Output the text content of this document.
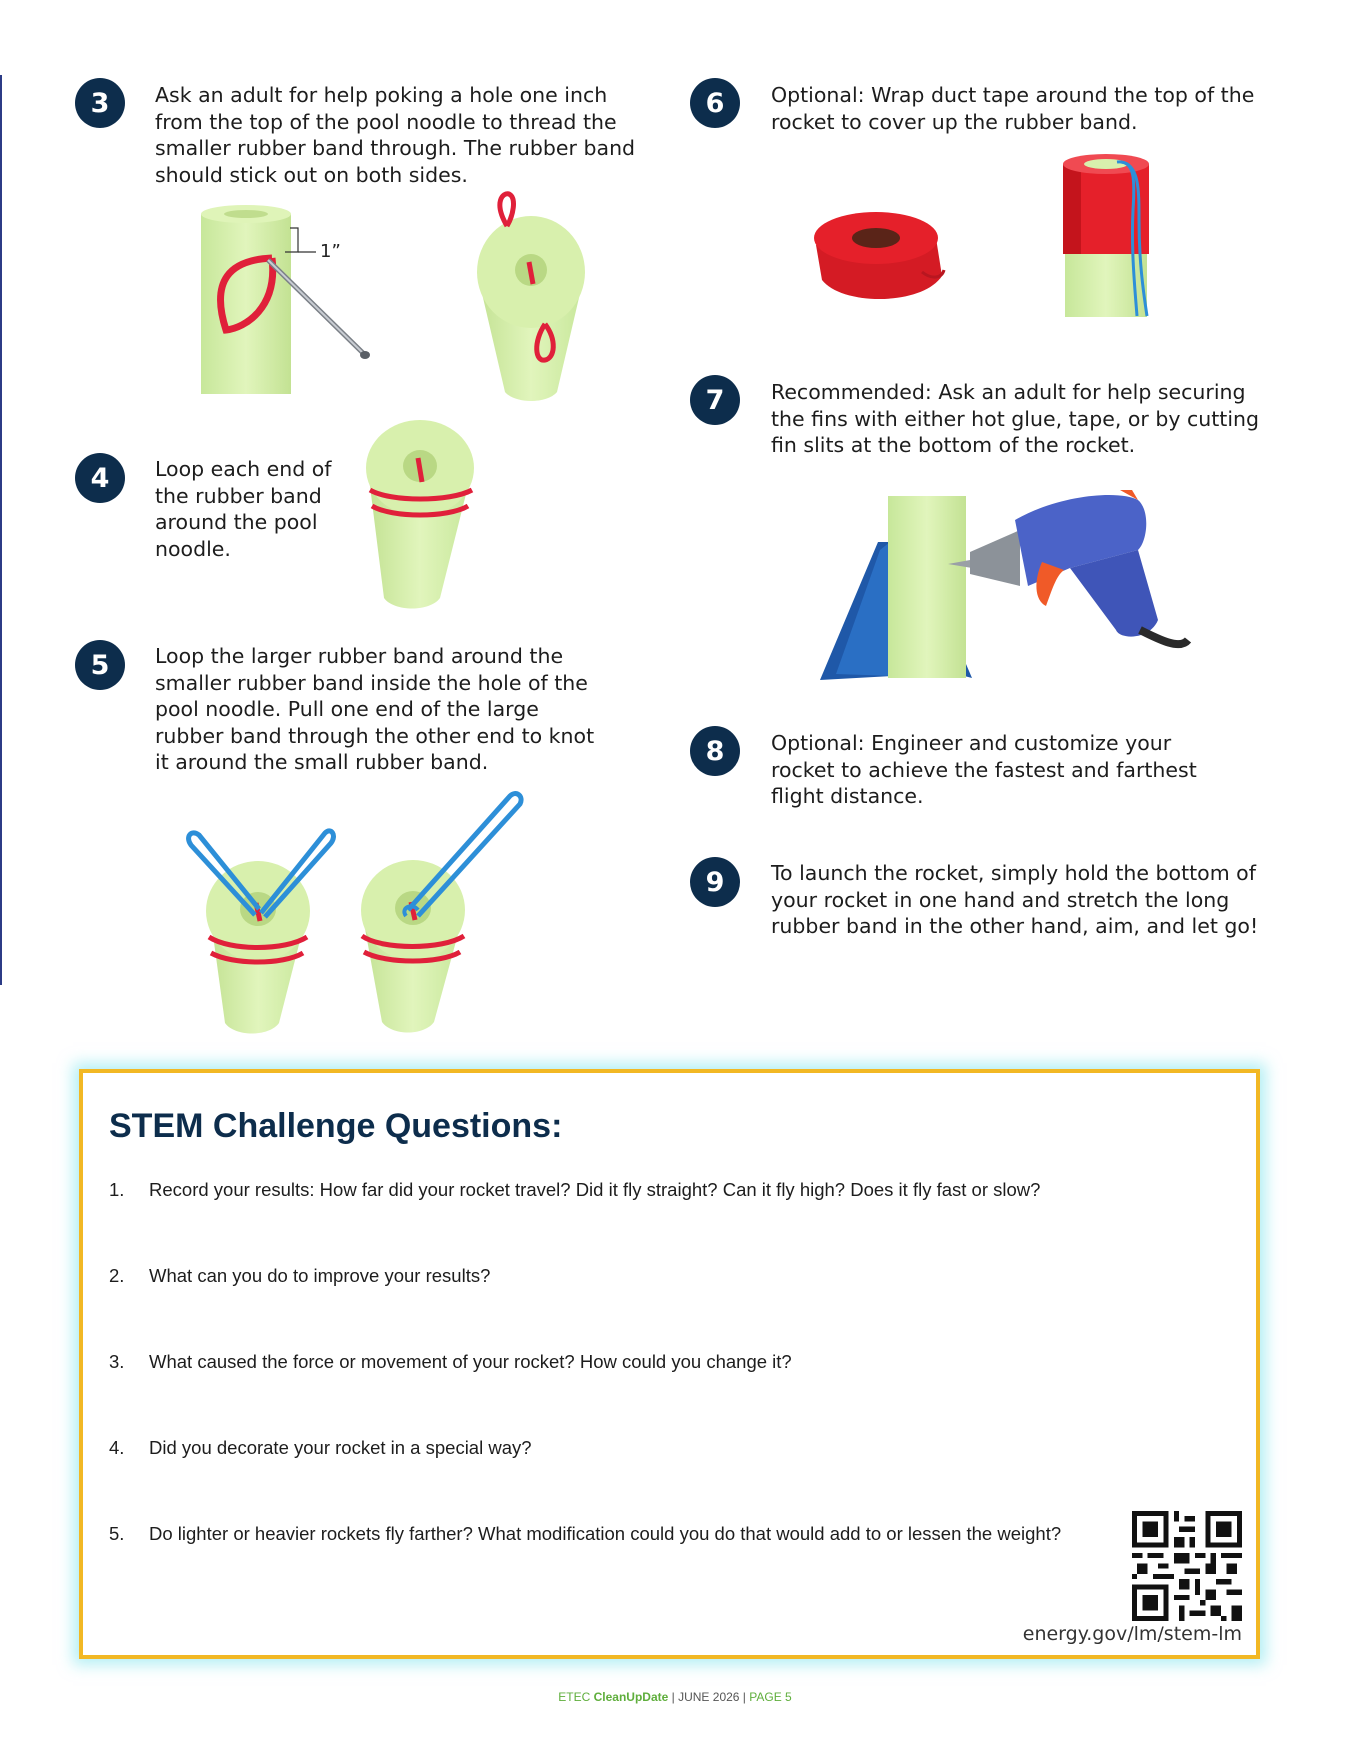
3	Ask an adult for help poking a hole one inch from the top of the pool noodle to thread the smaller rubber band through. The rubber band should stick out on both sides.

1”
4	Loop each end of the rubber band around the pool noodle.

5	Loop the larger rubber band around the smaller rubber band inside the hole of the pool noodle. Pull one end of the large rubber band through the other end to knot it around the small rubber band.

6	Optional: Wrap duct tape around the top of the rocket to cover up the rubber band.

7	Recommended: Ask an adult for help securing the fins with either hot glue, tape, or by cutting fin slits at the bottom of the rocket.

8	Optional: Engineer and customize your rocket to achieve the fastest and farthest flight distance.

9	To launch the rocket, simply hold the bottom of your rocket in one hand and stretch the long rubber band in the other hand, aim, and let go!

STEM Challenge Questions:
1.	Record your results: How far did your rocket travel? Did it fly straight? Can it fly high? Does it fly fast or slow?
2.	What can you do to improve your results?
3.	What caused the force or movement of your rocket? How could you change it?
4.	Did you decorate your rocket in a special way?
5.	Do lighter or heavier rockets fly farther? What modification could you do that would add to or lessen the weight?
energy.gov/lm/stem-lm
ETEC CleanUpDate | JUNE 2026 | PAGE 5
